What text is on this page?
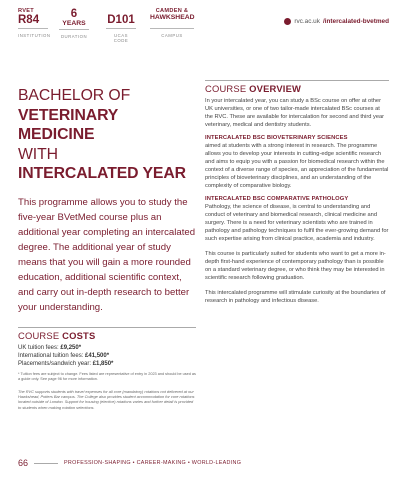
RVET
R84
INSTITUTION
6
YEARS
DURATION
D101
UCAS CODE
CAMDEN &
HAWKSHEAD
CAMPUS
rvc.ac.uk /intercalated-bvetmed
BACHELOR OF
VETERINARY MEDICINE
WITH
INTERCALATED YEAR

This programme allows you to study the five-year BVetMed course plus an additional year completing an intercalated degree. The additional year of study means that you will gain a more rounded education, additional scientific context, and carry out in-depth research to better your understanding.

COURSE COSTS
UK tuition fees: £9,250*
International tuition fees: £41,500*
Placements/sandwich year: £1,850*

* Tuition fees are subject to change. Fees listed are representative of entry in 2023 and should be used as a guide only. See page 96 for more information.

The RVC supports students with travel expenses for all core (mandatory) rotations not delivered at our Hawkshead, Potters Bar campus. The College also provides student accommodation for core rotations located outside of London. Support for housing (elective) rotations varies and further detail is provided to students when making rotation selections.

COURSE OVERVIEW

In your intercalated year, you can study a BSc course on offer at other UK universities, or one of two tailor-made intercalated BSc courses at the RVC. These are available for intercalation for second and third year veterinary, medical and dentistry students.

INTERCALATED BSC BIOVETERINARY SCIENCES

aimed at students with a strong interest in research. The programme allows you to develop your interests in cutting-edge scientific research and aims to equip you with a passion for biomedical research within the context of a diverse range of species, an appreciation of the fundamental principles of bioveterinary disciplines, and an understanding of the complexity of comparative biology.

INTERCALATED BSC COMPARATIVE PATHOLOGY

Pathology, the science of disease, is central to understanding and conduct of veterinary and biomedical research, clinical medicine and surgery. There is a need for veterinary scientists who are trained in pathology and pathology techniques to fulfil the ever-growing demand for such expertise arising from clinical practice, academia and industry.

This course is particularly suited for students who want to get a more in-depth first-hand experience of contemporary pathology than is possible on a standard veterinary degree, or who think they may be interested in scientific research following graduation.

This intercalated programme will stimulate curiosity at the boundaries of research in pathology and infectious disease.

66	PROFESSION-SHAPING • CAREER-MAKING • WORLD-LEADING
